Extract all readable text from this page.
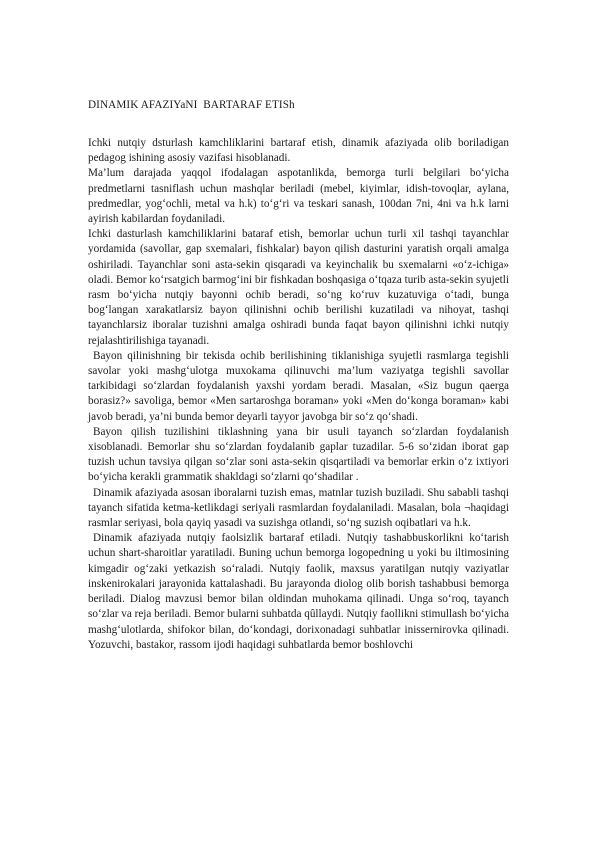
DINAMIK AFAZIYaNI  BARTARAF ETISh

Ichki nutqiy dsturlash kamchliklarini bartaraf etish, dinamik afaziyada olib boriladigan pedagog ishining asosiy vazifasi hisoblanadi.

Ma’lum darajada yaqqol ifodalagan aspotanlikda, bemorga turli belgilari bo‘yicha predmetlarni tasniflash uchun mashqlar beriladi (mebel, kiyimlar, idish-tovoqlar, aylana, predmedlar, yog‘ochli, metal va h.k) to‘g‘ri va teskari sanash, 100dan 7ni, 4ni va h.k larni ayirish kabilardan foydaniladi.

Ichki dasturlash kamchiliklarini bataraf etish, bemorlar uchun turli xil tashqi tayanchlar yordamida (savollar, gap sxemalari, fishkalar) bayon qilish dasturini yaratish orqali amalga oshiriladi. Tayanchlar soni asta-sekin qisqaradi va keyinchalik bu sxemalarni «o‘z-ichiga» oladi. Bemor ko‘rsatgich barmog‘ini bir fishkadan boshqasiga o‘tqaza turib asta-sekin syujetli rasm bo‘yicha nutqiy bayonni ochib beradi, so‘ng ko‘ruv kuzatuviga o‘tadi, bunga bog‘langan xarakatlarsiz bayon qilinishni ochib berilishi kuzatiladi va nihoyat, tashqi tayanchlarsiz iboralar tuzishni amalga oshiradi bunda faqat bayon qilinishni ichki nutqiy rejalashtirilishiga tayanadi.

Bayon qilinishning bir tekisda ochib berilishining tiklanishiga syujetli rasmlarga tegishli savolar yoki mashg‘ulotga muxokama qilinuvchi ma’lum vaziyatga tegishli savollar tarkibidagi so‘zlardan foydalanish yaxshi yordam beradi. Masalan, «Siz bugun qaerga borasiz?» savoliga, bemor «Men sartaroshga boraman» yoki «Men do‘konga boraman» kabi javob beradi, ya’ni bunda bemor deyarli tayyor javobga bir so‘z qo‘shadi.

Bayon qilish tuzilishini tiklashning yana bir usuli tayanch so‘zlardan foydalanish xisoblanadi. Bemorlar shu so‘zlardan foydalanib gaplar tuzadilar. 5-6 so‘zidan iborat gap tuzish uchun tavsiya qilgan so‘zlar soni asta-sekin qisqartiladi va bemorlar erkin o‘z ixtiyori bo‘yicha kerakli grammatik shakldagi so‘zlarni qo‘shadilar .

Dinamik afaziyada asosan iboralarni tuzish emas, matnlar tuzish buziladi. Shu sababli tashqi tayanch sifatida ketma-ketlikdagi seriyali rasmlardan foydalaniladi. Masalan, bola ¬haqidagi rasmlar seriyasi, bola qayiq yasadi va suzishga otlandi, so‘ng suzish oqibatlari va h.k.

Dinamik afaziyada nutqiy faolsizlik bartaraf etiladi. Nutqiy tashabbuskorlikni ko‘tarish uchun shart-sharoitlar yaratiladi. Buning uchun bemorga logopedning u yoki bu iltimosining kimgadir og‘zaki yetkazish so‘raladi. Nutqiy faolik, maxsus yaratilgan nutqiy vaziyatlar inskenirokalari jarayonida kattalashadi. Bu jarayonda diolog olib borish tashabbusi bemorga beriladi. Dialog mavzusi bemor bilan oldindan muhokama qilinadi. Unga so‘roq, tayanch so‘zlar va reja beriladi. Bemor bularni suhbatda qûllaydi. Nutqiy faollikni stimullash bo‘yicha mashg‘ulotlarda, shifokor bilan, do‘kondagi, dorixonadagi suhbatlar inissernirovka qilinadi. Yozuvchi, bastakor, rassom ijodi haqidagi suhbatlarda bemor boshlovchi
